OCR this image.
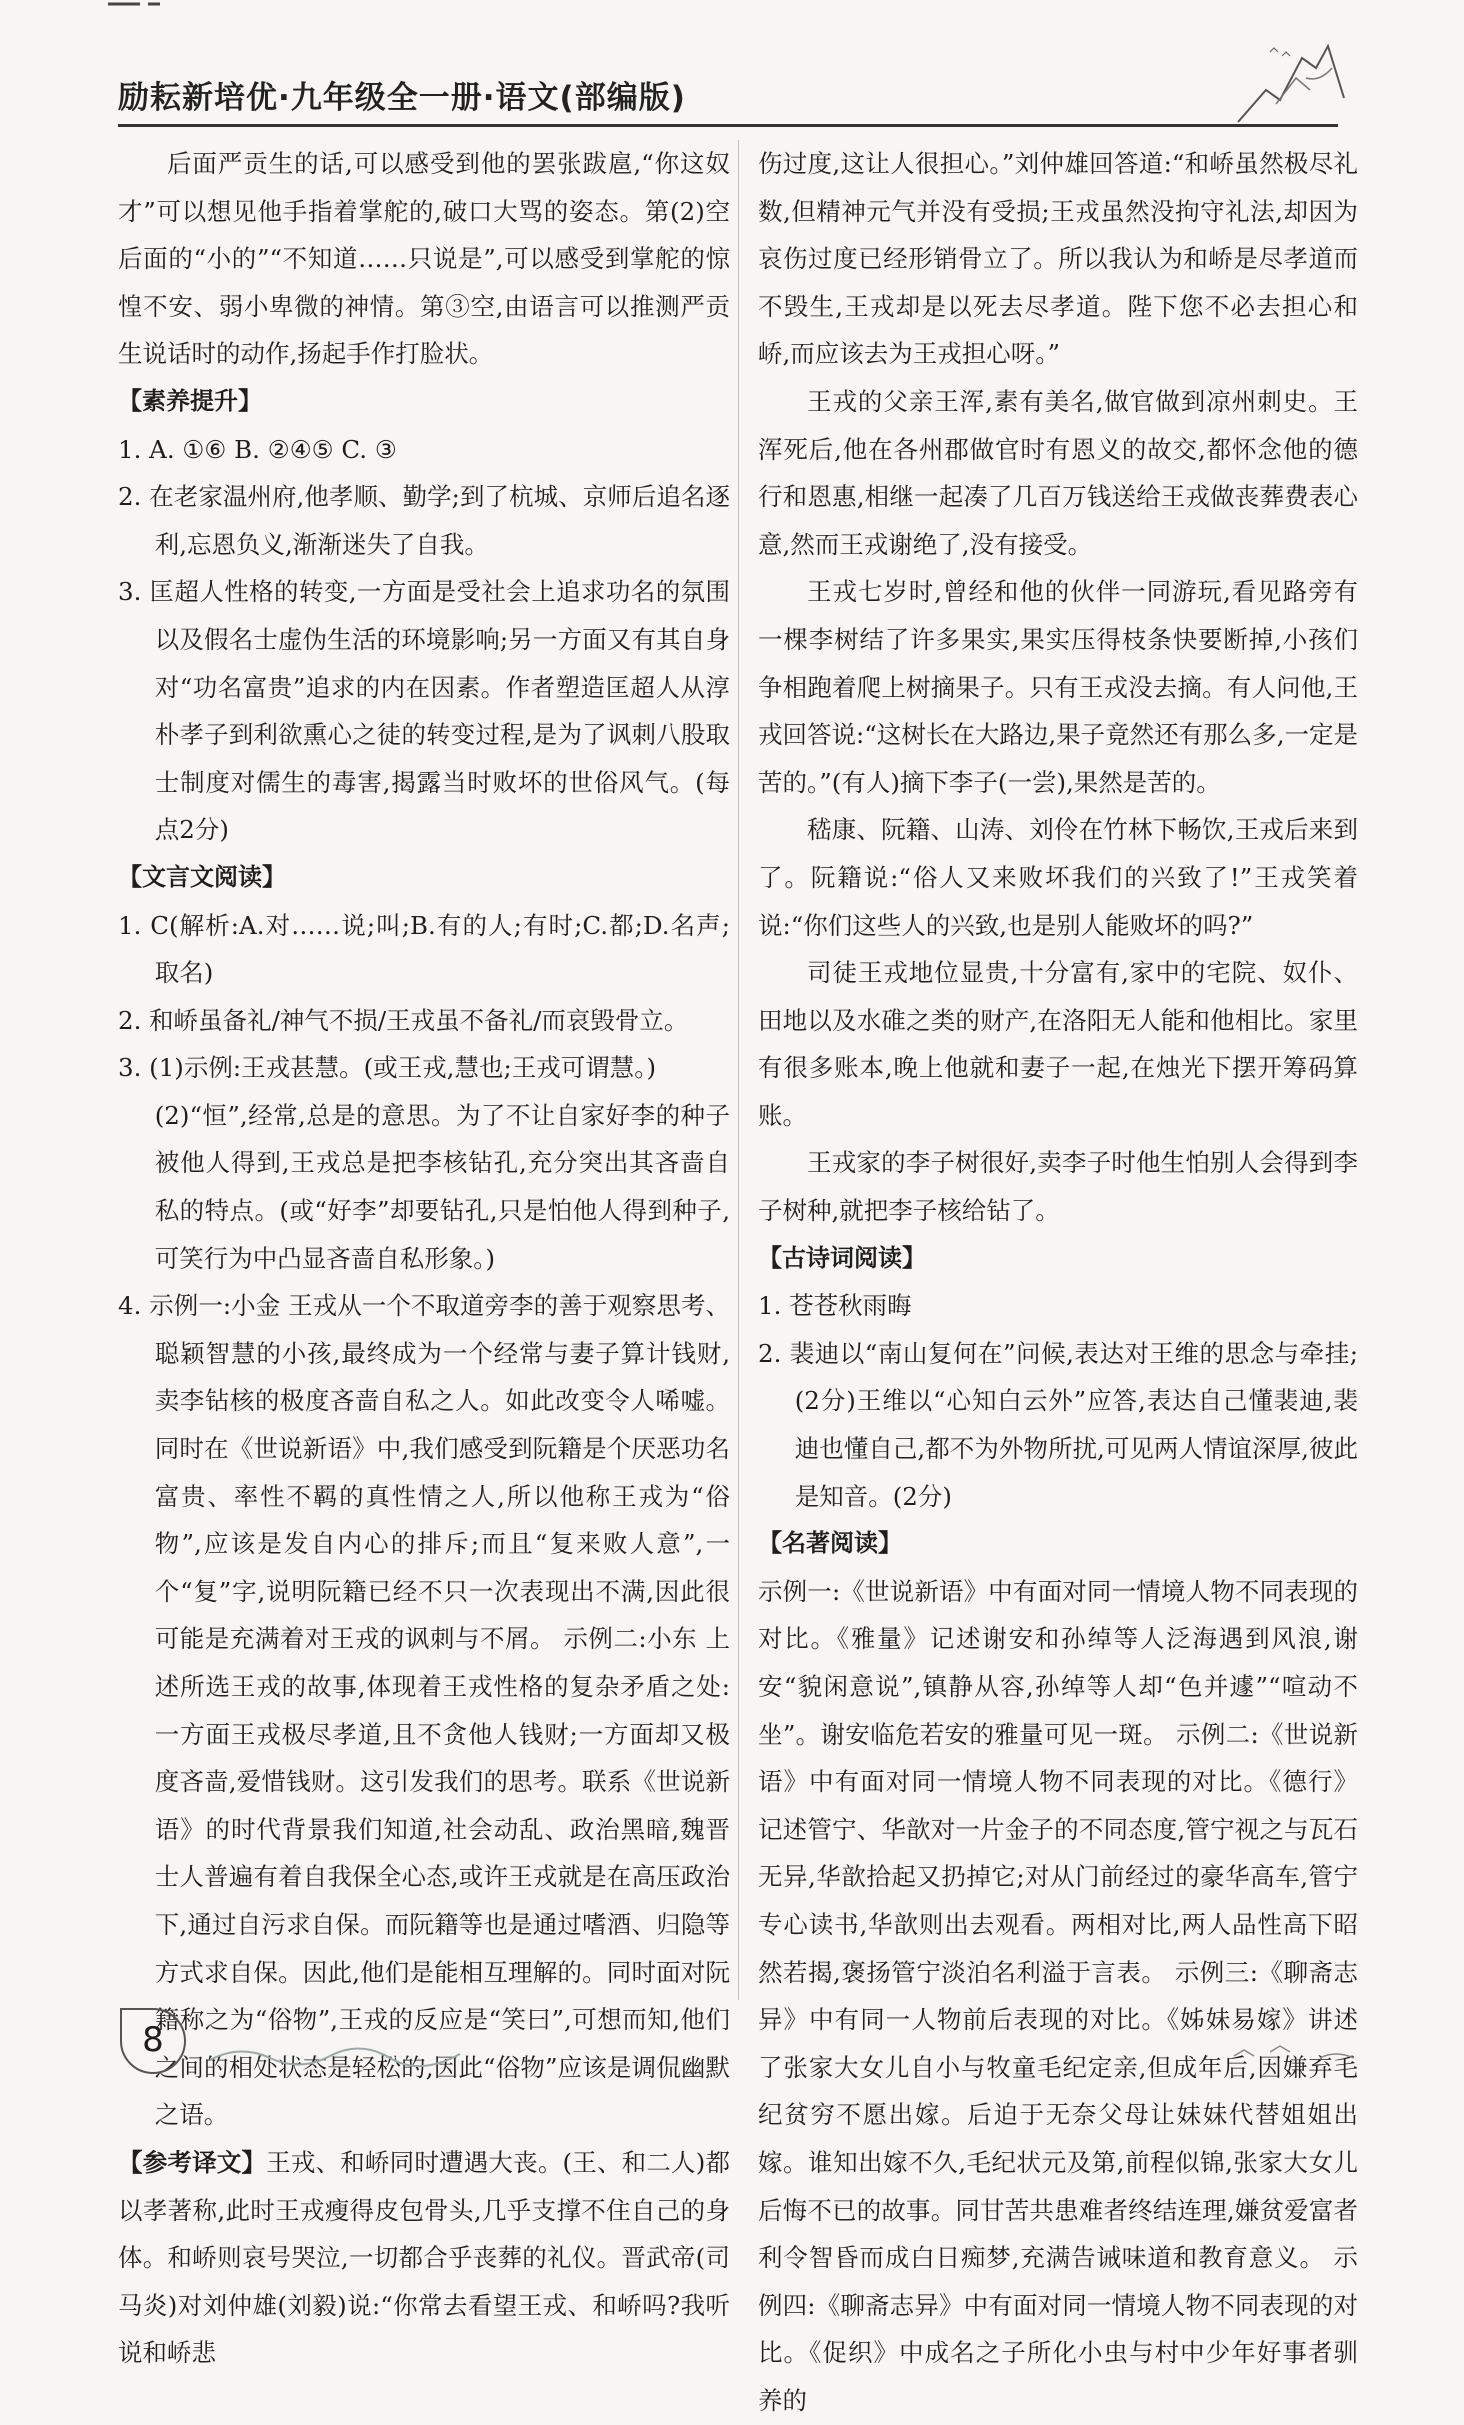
励耘新培优·九年级全一册·语文(部编版)

后面严贡生的话,可以感受到他的罢张跋扈,“你这奴才”可以想见他手指着掌舵的,破口大骂的姿态。第(2)空后面的“小的”“不知道……只说是”,可以感受到掌舵的惊惶不安、弱小卑微的神情。第③空,由语言可以推测严贡生说话时的动作,扬起手作打脸状。

【素养提升】

1. A. ①⑥ B. ②④⑤ C. ③

2. 在老家温州府,他孝顺、勤学;到了杭城、京师后追名逐利,忘恩负义,渐渐迷失了自我。

3. 匡超人性格的转变,一方面是受社会上追求功名的氛围以及假名士虚伪生活的环境影响;另一方面又有其自身对“功名富贵”追求的内在因素。作者塑造匡超人从淳朴孝子到利欲熏心之徒的转变过程,是为了讽刺八股取士制度对儒生的毒害,揭露当时败坏的世俗风气。(每点2分)

【文言文阅读】

1. C(解析:A.对……说;叫;B.有的人;有时;C.都;D.名声;取名)

2. 和峤虽备礼/神气不损/王戎虽不备礼/而哀毁骨立。

3. (1)示例:王戎甚慧。(或王戎,慧也;王戎可谓慧。)

(2)“恒”,经常,总是的意思。为了不让自家好李的种子被他人得到,王戎总是把李核钻孔,充分突出其吝啬自私的特点。(或“好李”却要钻孔,只是怕他人得到种子,可笑行为中凸显吝啬自私形象。)

4. 示例一:小金 王戎从一个不取道旁李的善于观察思考、聪颖智慧的小孩,最终成为一个经常与妻子算计钱财,卖李钻核的极度吝啬自私之人。如此改变令人唏嘘。同时在《世说新语》中,我们感受到阮籍是个厌恶功名富贵、率性不羁的真性情之人,所以他称王戎为“俗物”,应该是发自内心的排斥;而且“复来败人意”,一个“复”字,说明阮籍已经不只一次表现出不满,因此很可能是充满着对王戎的讽刺与不屑。 示例二:小东 上述所选王戎的故事,体现着王戎性格的复杂矛盾之处:一方面王戎极尽孝道,且不贪他人钱财;一方面却又极度吝啬,爱惜钱财。这引发我们的思考。联系《世说新语》的时代背景我们知道,社会动乱、政治黑暗,魏晋士人普遍有着自我保全心态,或许王戎就是在高压政治下,通过自污求自保。而阮籍等也是通过嗜酒、归隐等方式求自保。因此,他们是能相互理解的。同时面对阮籍称之为“俗物”,王戎的反应是“笑曰”,可想而知,他们之间的相处状态是轻松的,因此“俗物”应该是调侃幽默之语。

【参考译文】王戎、和峤同时遭遇大丧。(王、和二人)都以孝著称,此时王戎瘦得皮包骨头,几乎支撑不住自己的身体。和峤则哀号哭泣,一切都合乎丧葬的礼仪。晋武帝(司马炎)对刘仲雄(刘毅)说:“你常去看望王戎、和峤吗?我听说和峤悲

伤过度,这让人很担心。”刘仲雄回答道:“和峤虽然极尽礼数,但精神元气并没有受损;王戎虽然没拘守礼法,却因为哀伤过度已经形销骨立了。所以我认为和峤是尽孝道而不毁生,王戎却是以死去尽孝道。陛下您不必去担心和峤,而应该去为王戎担心呀。”

王戎的父亲王浑,素有美名,做官做到凉州刺史。王浑死后,他在各州郡做官时有恩义的故交,都怀念他的德行和恩惠,相继一起凑了几百万钱送给王戎做丧葬费表心意,然而王戎谢绝了,没有接受。

王戎七岁时,曾经和他的伙伴一同游玩,看见路旁有一棵李树结了许多果实,果实压得枝条快要断掉,小孩们争相跑着爬上树摘果子。只有王戎没去摘。有人问他,王戎回答说:“这树长在大路边,果子竟然还有那么多,一定是苦的。”(有人)摘下李子(一尝),果然是苦的。

嵇康、阮籍、山涛、刘伶在竹林下畅饮,王戎后来到了。阮籍说:“俗人又来败坏我们的兴致了!”王戎笑着说:“你们这些人的兴致,也是别人能败坏的吗?”

司徒王戎地位显贵,十分富有,家中的宅院、奴仆、田地以及水碓之类的财产,在洛阳无人能和他相比。家里有很多账本,晚上他就和妻子一起,在烛光下摆开筹码算账。

王戎家的李子树很好,卖李子时他生怕别人会得到李子树种,就把李子核给钻了。

【古诗词阅读】

1. 苍苍秋雨晦

2. 裴迪以“南山复何在”问候,表达对王维的思念与牵挂;(2分)王维以“心知白云外”应答,表达自己懂裴迪,裴迪也懂自己,都不为外物所扰,可见两人情谊深厚,彼此是知音。(2分)

【名著阅读】

示例一:《世说新语》中有面对同一情境人物不同表现的对比。《雅量》记述谢安和孙绰等人泛海遇到风浪,谢安“貌闲意说”,镇静从容,孙绰等人却“色并遽”“喧动不坐”。谢安临危若安的雅量可见一斑。 示例二:《世说新语》中有面对同一情境人物不同表现的对比。《德行》记述管宁、华歆对一片金子的不同态度,管宁视之与瓦石无异,华歆拾起又扔掉它;对从门前经过的豪华高车,管宁专心读书,华歆则出去观看。两相对比,两人品性高下昭然若揭,褒扬管宁淡泊名利溢于言表。 示例三:《聊斋志异》中有同一人物前后表现的对比。《姊妹易嫁》讲述了张家大女儿自小与牧童毛纪定亲,但成年后,因嫌弃毛纪贫穷不愿出嫁。后迫于无奈父母让妹妹代替姐姐出嫁。谁知出嫁不久,毛纪状元及第,前程似锦,张家大女儿后悔不已的故事。同甘苦共患难者终结连理,嫌贫爱富者利令智昏而成白日痴梦,充满告诫味道和教育意义。 示例四:《聊斋志异》中有面对同一情境人物不同表现的对比。《促织》中成名之子所化小虫与村中少年好事者驯养的

8
